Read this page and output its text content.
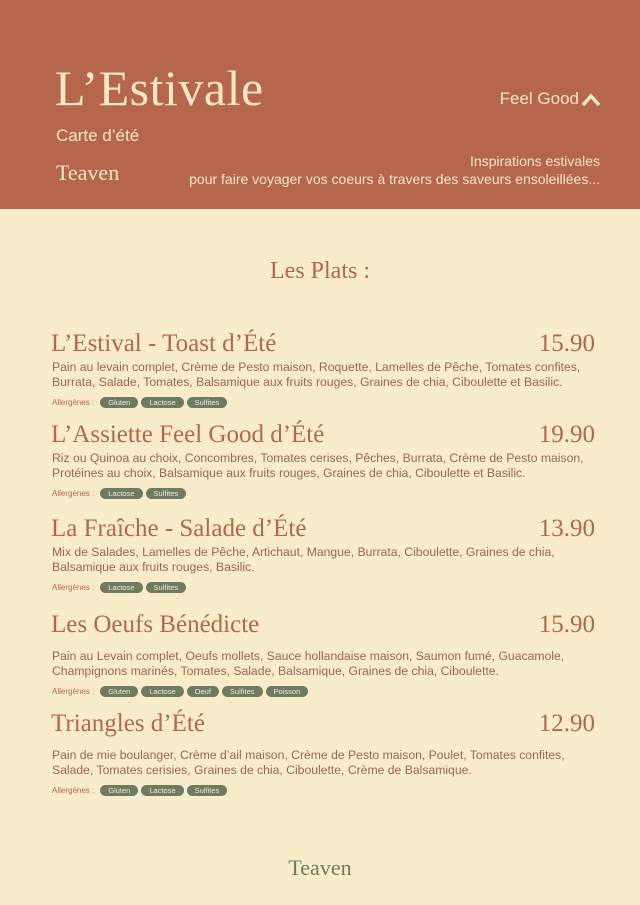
L’Estivale
Carte d’été
Teaven
Feel Good
Inspirations estivales
pour faire voyager vos coeurs à travers des saveurs ensoleillées...
Les Plats :
L’Estival - Toast d’Été	15.90
Pain au levain complet, Crème de Pesto maison, Roquette, Lamelles de Pêche, Tomates confites,
Burrata, Salade, Tomates, Balsamique aux fruits rouges, Graines de chia, Ciboulette et Basilic.
Allergènes :	Gluten	Lactose	Sulfites
L’Assiette Feel Good d’Été	19.90
Riz ou Quinoa au choix, Concombres, Tomates cerises, Pêches, Burrata, Crème de Pesto maison,
Protéines au choix, Balsamique aux fruits rouges, Graines de chia, Ciboulette et Basilic.
Allergènes :	Lactose	Sulfites
La Fraîche - Salade d’Été	13.90
Mix de Salades, Lamelles de Pêche, Artichaut, Mangue, Burrata, Ciboulette, Graines de chia,
Balsamique aux fruits rouges, Basilic.
Allergènes :	Lactose	Sulfites
Les Oeufs Bénédicte	15.90
Pain au Levain complet, Oeufs mollets, Sauce hollandaise maison, Saumon fumé, Guacamole,
Champignons marinés, Tomates, Salade, Balsamique, Graines de chia, Ciboulette.
Allergènes :	Gluten	Lactose	Oeuf	Sulfites	Poisson
Triangles d’Été	12.90
Pain de mie boulanger, Crème d’ail maison, Crème de Pesto maison, Poulet, Tomates confites,
Salade, Tomates cerisies, Graines de chia, Ciboulette, Crème de Balsamique.
Allergènes :	Gluten	Lactose	Sulfites
Teaven
